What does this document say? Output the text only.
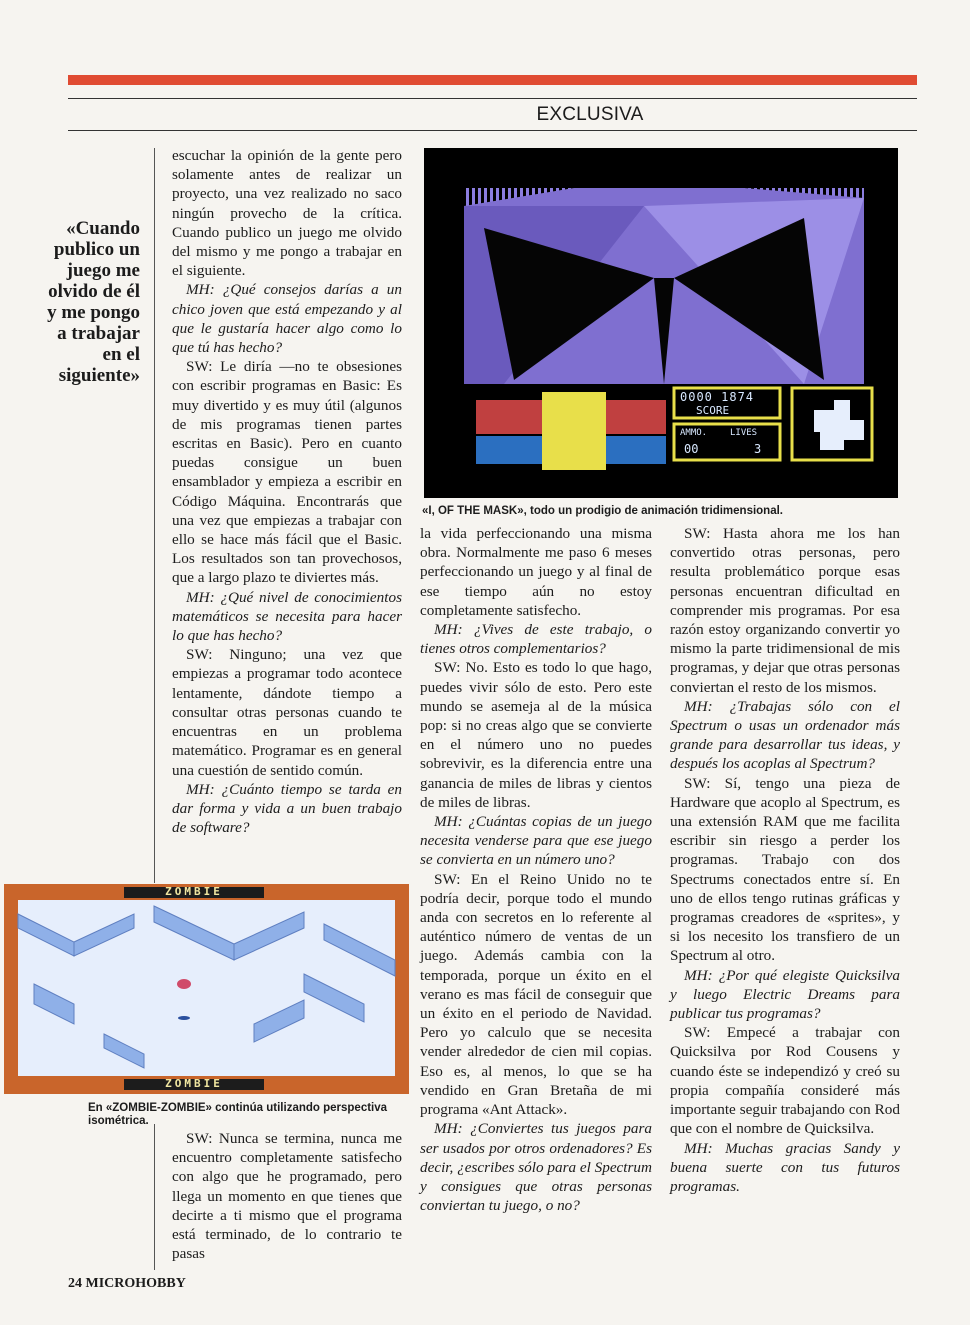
EXCLUSIVA
«Cuando publico un juego me olvido de él y me pongo a trabajar en el siguiente»

escuchar la opinión de la gente pero solamente antes de realizar un proyecto, una vez realizado no saco ningún provecho de la crítica. Cuando publico un juego me olvido del mismo y me pongo a trabajar en el siguiente.

MH: ¿Qué consejos darías a un chico joven que está empezando y al que le gustaría hacer algo como lo que tú has hecho?

SW: Le diría —no te obsesiones con escribir programas en Basic: Es muy divertido y es muy útil (algunos de mis programas tienen partes escritas en Basic). Pero en cuanto puedas consigue un buen ensamblador y empieza a escribir en Código Máquina. Encontrarás que una vez que empiezas a trabajar con ello se hace más fácil que el Basic. Los resultados son tan provechosos, que a largo plazo te diviertes más.

MH: ¿Qué nivel de conocimientos matemáticos se necesita para hacer lo que has hecho?

SW: Ninguno; una vez que empiezas a programar todo acontece lentamente, dándote tiempo a consultar otras personas cuando te encuentras en un problema matemático. Programar es en general una cuestión de sentido común.

MH: ¿Cuánto tiempo se tarda en dar forma y vida a un buen trabajo de software?

ZOMBIE
ZOMBIE
En «ZOMBIE-ZOMBIE» continúa utilizando perspectiva isométrica.

SW: Nunca se termina, nunca me encuentro completamente satisfecho con algo que he programado, pero llega un momento en que tienes que decirte a ti mismo que el programa está terminado, de lo contrario te pasas

0000 1874
SCORE
AMMO.	LIVES
00	3
«I, OF THE MASK», todo un prodigio de animación tridimensional.

la vida perfeccionando una misma obra. Normalmente me paso 6 meses perfeccionando un juego y al final de ese tiempo aún no estoy completamente satisfecho.

MH: ¿Vives de este trabajo, o tienes otros complementarios?

SW: No. Esto es todo lo que hago, puedes vivir sólo de esto. Pero este mundo se asemeja al de la música pop: si no creas algo que se convierte en el número uno no puedes sobrevivir, es la diferencia entre una ganancia de miles de libras y cientos de miles de libras.

MH: ¿Cuántas copias de un juego necesita venderse para que ese juego se convierta en un número uno?

SW: En el Reino Unido no te podría decir, porque todo el mundo anda con secretos en lo referente al auténtico número de ventas de un juego. Además cambia con la temporada, porque un éxito en el verano es mas fácil de conseguir que un éxito en el periodo de Navidad. Pero yo calculo que se necesita vender alrededor de cien mil copias. Eso es, al menos, lo que se ha vendido en Gran Bretaña de mi programa «Ant Attack».

MH: ¿Conviertes tus juegos para ser usados por otros ordenadores? Es decir, ¿escribes sólo para el Spectrum y consigues que otras personas conviertan tu juego, o no?

SW: Hasta ahora me los han convertido otras personas, pero resulta problemático porque esas personas encuentran dificultad en comprender mis programas. Por esa razón estoy organizando convertir yo mismo la parte tridimensional de mis programas, y dejar que otras personas conviertan el resto de los mismos.

MH: ¿Trabajas sólo con el Spectrum o usas un ordenador más grande para desarrollar tus ideas, y después los acoplas al Spectrum?

SW: Sí, tengo una pieza de Hardware que acoplo al Spectrum, es una extensión RAM que me facilita escribir sin riesgo a perder los programas. Trabajo con dos Spectrums conectados entre sí. En uno de ellos tengo rutinas gráficas y programas creadores de «sprites», y si los necesito los transfiero de un Spectrum al otro.

MH: ¿Por qué elegiste Quicksilva y luego Electric Dreams para publicar tus programas?

SW: Empecé a trabajar con Quicksilva por Rod Cousens y cuando éste se independizó y creó su propia compañía consideré más importante seguir trabajando con Rod que con el nombre de Quicksilva.

MH: Muchas gracias Sandy y buena suerte con tus futuros programas.

24 MICROHOBBY
